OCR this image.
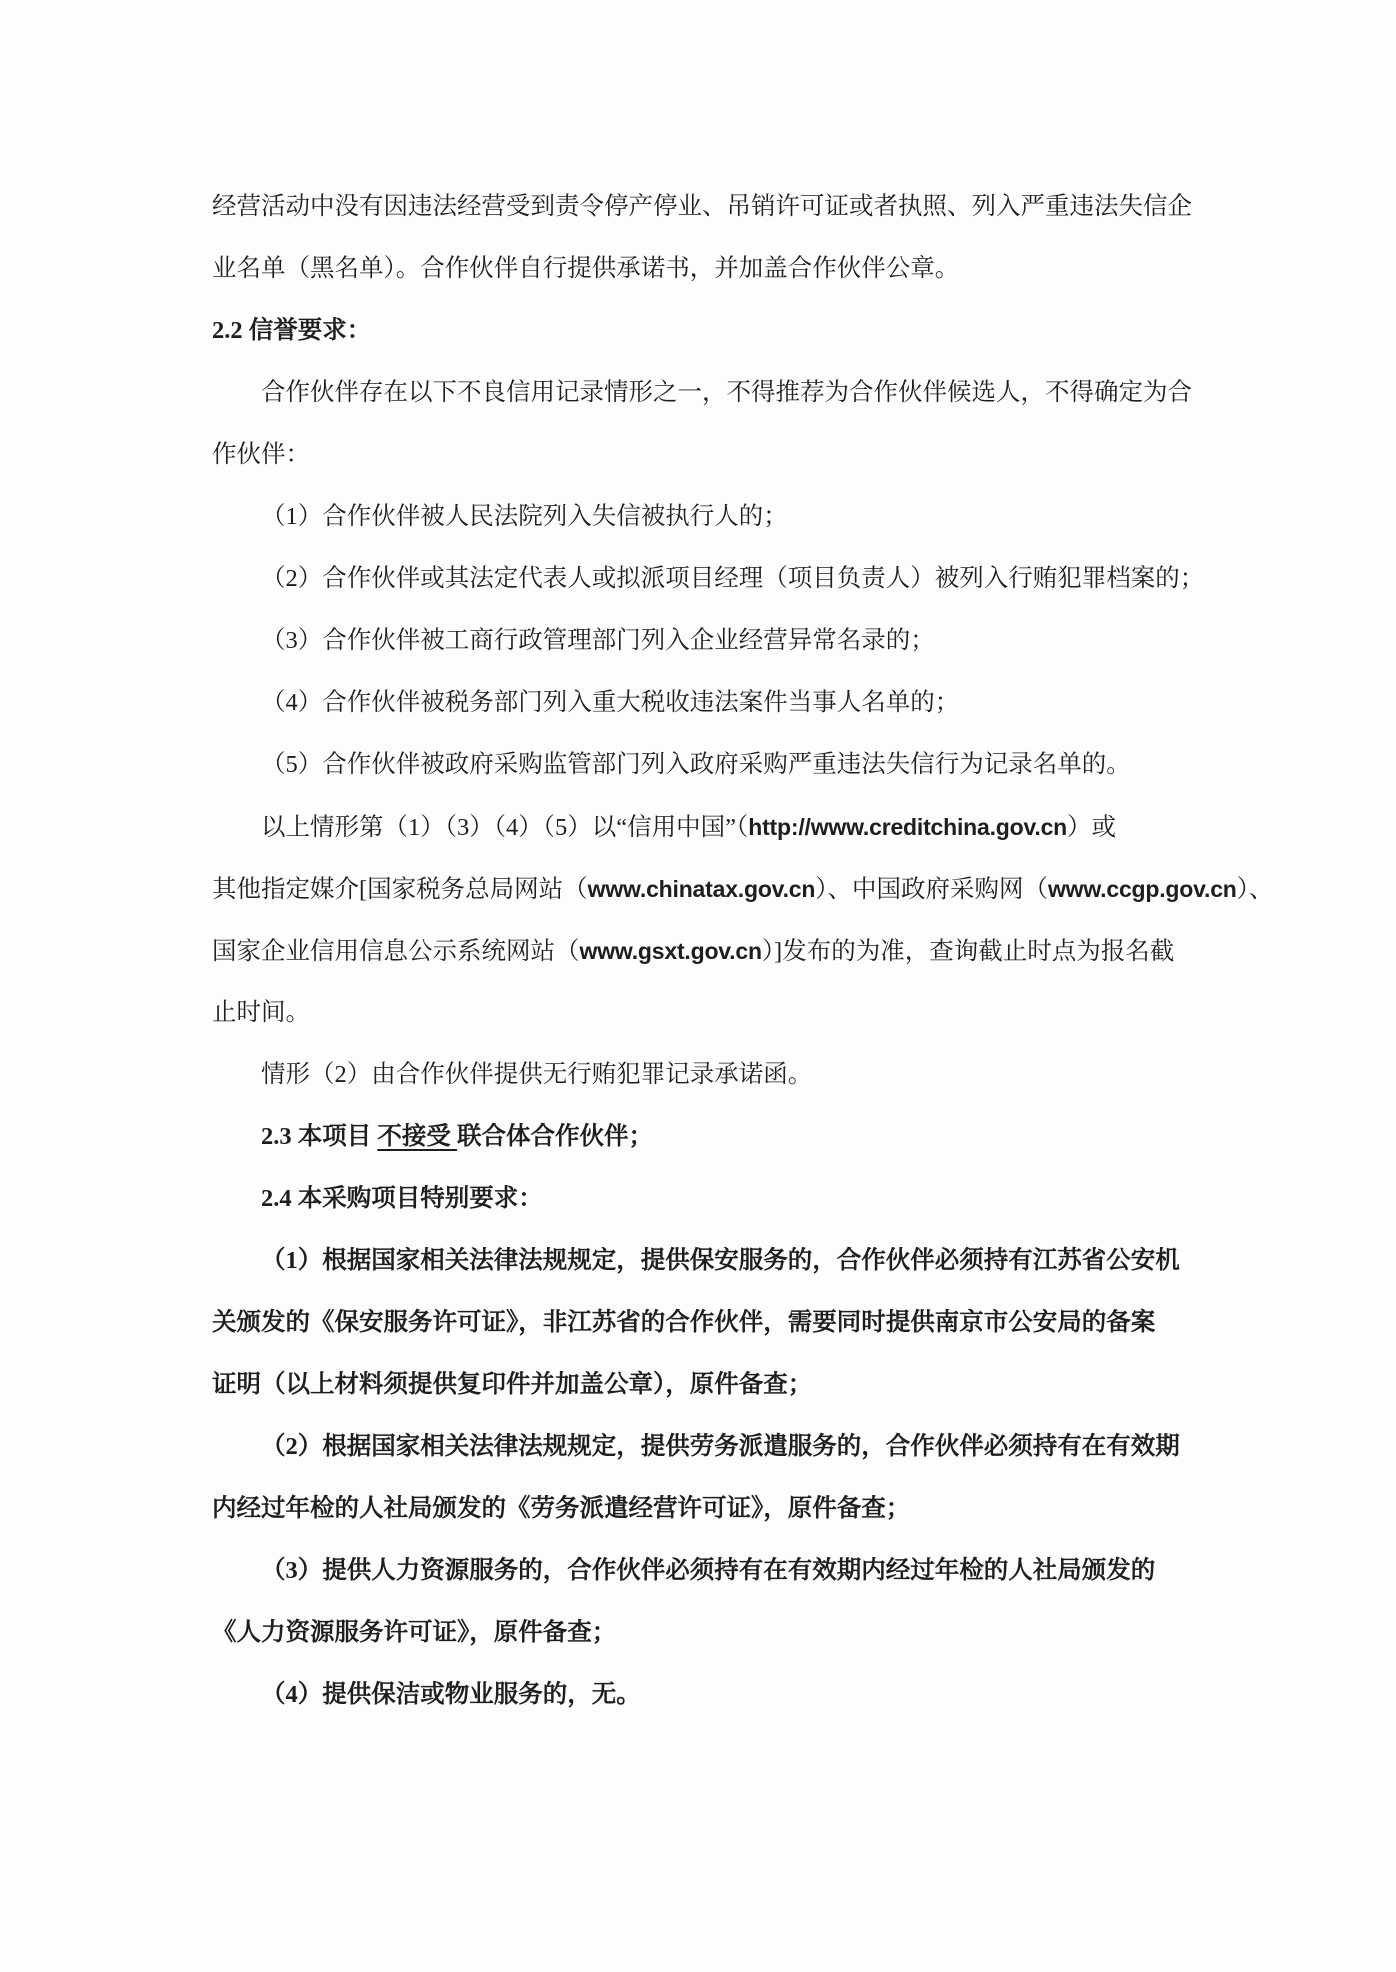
经营活动中没有因违法经营受到责令停产停业、吊销许可证或者执照、列入严重违法失信企
业名单（黑名单）。合作伙伴自行提供承诺书，并加盖合作伙伴公章。
2.2 信誉要求：
合作伙伴存在以下不良信用记录情形之一，不得推荐为合作伙伴候选人，不得确定为合
作伙伴：
（1）合作伙伴被人民法院列入失信被执行人的；
（2）合作伙伴或其法定代表人或拟派项目经理（项目负责人）被列入行贿犯罪档案的；
（3）合作伙伴被工商行政管理部门列入企业经营异常名录的；
（4）合作伙伴被税务部门列入重大税收违法案件当事人名单的；
（5）合作伙伴被政府采购监管部门列入政府采购严重违法失信行为记录名单的。
以上情形第（1）（3）（4）（5）以“信用中国”（http://www.creditchina.gov.cn）或
其他指定媒介[国家税务总局网站（www.chinatax.gov.cn）、中国政府采购网（www.ccgp.gov.cn）、
国家企业信用信息公示系统网站（www.gsxt.gov.cn）]发布的为准，查询截止时点为报名截
止时间。
情形（2）由合作伙伴提供无行贿犯罪记录承诺函。
2.3 本项目 不接受 联合体合作伙伴；
2.4 本采购项目特别要求：
（1）根据国家相关法律法规规定，提供保安服务的，合作伙伴必须持有江苏省公安机
关颁发的《保安服务许可证》，非江苏省的合作伙伴，需要同时提供南京市公安局的备案
证明（以上材料须提供复印件并加盖公章），原件备查；
（2）根据国家相关法律法规规定，提供劳务派遣服务的，合作伙伴必须持有在有效期
内经过年检的人社局颁发的《劳务派遣经营许可证》，原件备查；
（3）提供人力资源服务的，合作伙伴必须持有在有效期内经过年检的人社局颁发的
《人力资源服务许可证》，原件备查；
（4）提供保洁或物业服务的，无。
